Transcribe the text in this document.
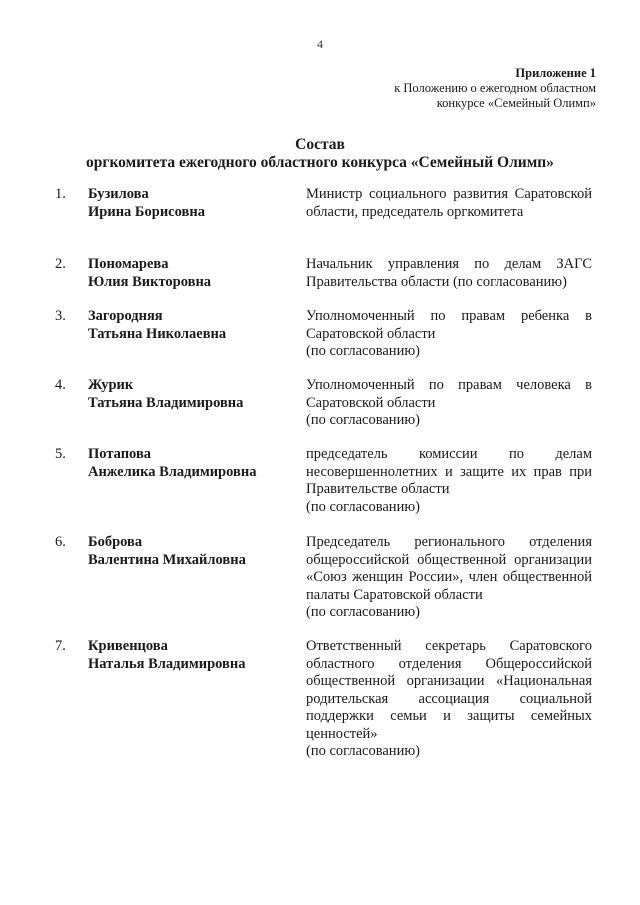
4
Приложение 1
к Положению о ежегодном областном
конкурсе «Семейный Олимп»
Состав
оргкомитета ежегодного областного конкурса «Семейный Олимп»
1. Бузилова
Ирина Борисовна
Министр социального развития Саратовской области, председатель оргкомитета
2. Пономарева
Юлия Викторовна
Начальник управления по делам ЗАГС Правительства области (по согласованию)
3. Загородняя
Татьяна Николаевна
Уполномоченный по правам ребенка в Саратовской области
(по согласованию)
4. Журик
Татьяна Владимировна
Уполномоченный по правам человека в Саратовской области
(по согласованию)
5. Потапова
Анжелика Владимировна
председатель комиссии по делам несовершеннолетних и защите их прав при Правительстве области
(по согласованию)
6. Боброва
Валентина Михайловна
Председатель регионального отделения общероссийской общественной организации «Союз женщин России», член общественной палаты Саратовской области
(по согласованию)
7. Кривенцова
Наталья Владимировна
Ответственный секретарь Саратовского областного отделения Общероссийской общественной организации «Национальная родительская ассоциация социальной поддержки семьи и защиты семейных ценностей»
(по согласованию)
